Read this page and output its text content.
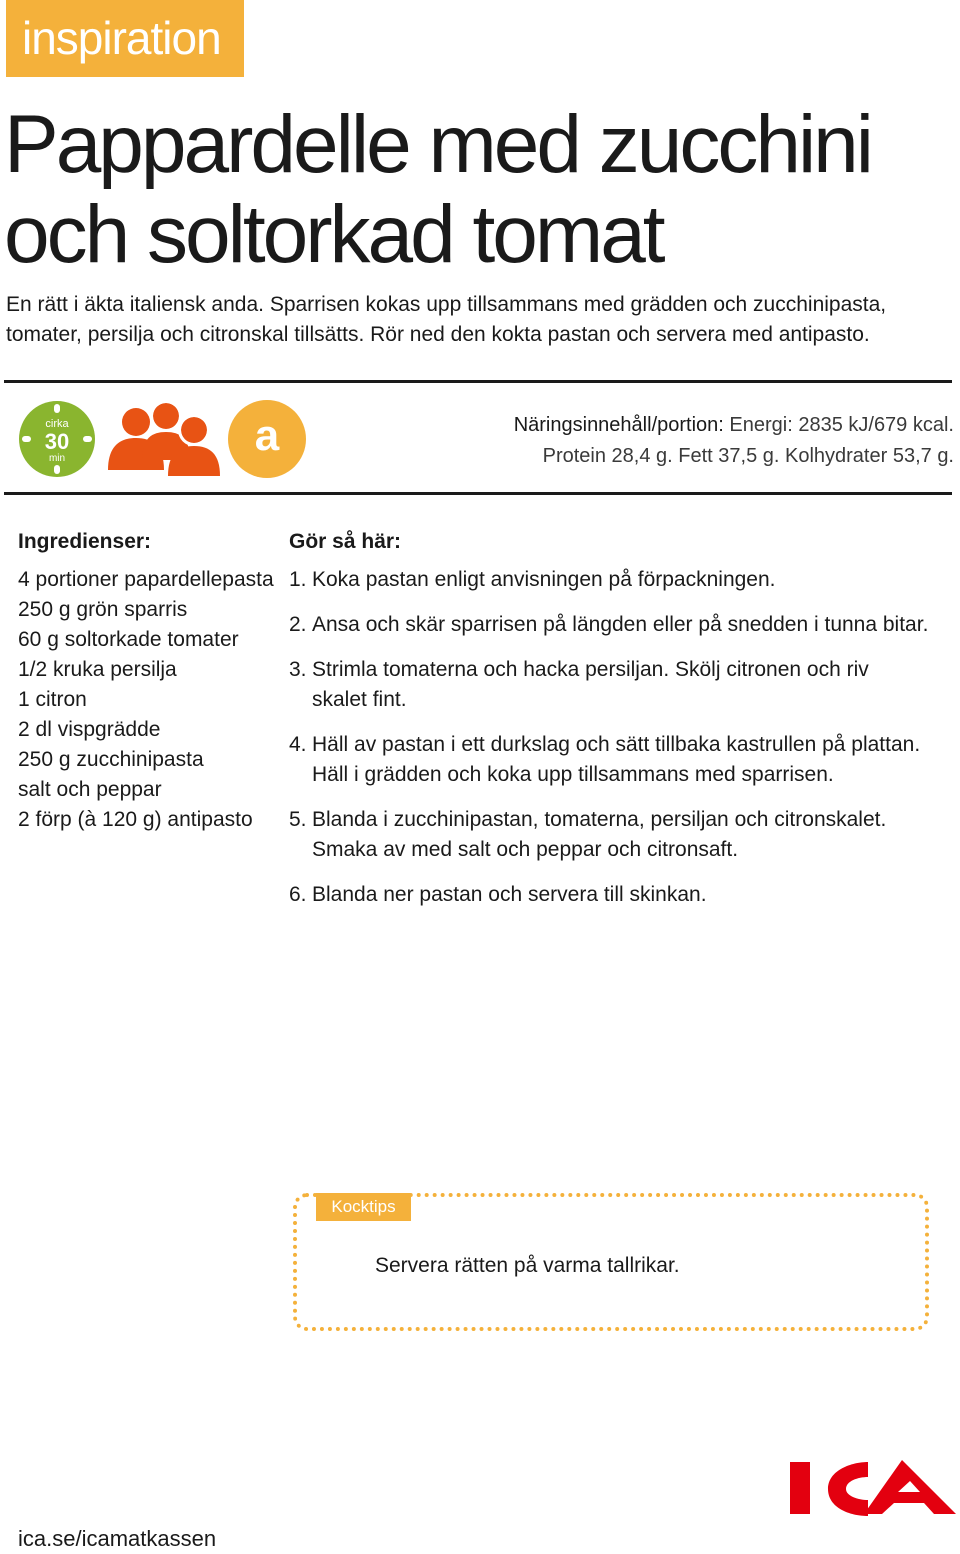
inspiration
Pappardelle med zucchini
och soltorkad tomat

En rätt i äkta italiensk anda. Sparrisen kokas upp tillsammans med grädden och zucchinipasta, tomater, persilja och citronskal tillsätts. Rör ned den kokta pastan och servera med antipasto.

cirka
30
min	a	Näringsinnehåll/portion: Energi: 2835 kJ/679 kcal.
Protein 28,4 g. Fett 37,5 g. Kolhydrater 53,7 g.
Ingredienser:
4 portioner papardellepasta
250 g grön sparris
60 g soltorkade tomater
1/2 kruka persilja
1 citron
2 dl vispgrädde
250 g zucchinipasta
salt och peppar
2 förp (à 120 g) antipasto
Gör så här:
1. Koka pastan enligt anvisningen på förpackningen.
2. Ansa och skär sparrisen på längden eller på snedden i tunna bitar.
3. Strimla tomaterna och hacka persiljan. Skölj citronen och riv skalet fint.
4. Häll av pastan i ett durkslag och sätt tillbaka kastrullen på plattan. Häll i grädden och koka upp tillsammans med sparrisen.
5. Blanda i zucchinipastan, tomaterna, persiljan och citronskalet. Smaka av med salt och peppar och citronsaft.
6. Blanda ner pastan och servera till skinkan.
Kocktips
Servera rätten på varma tallrikar.
ica.se/icamatkassen
